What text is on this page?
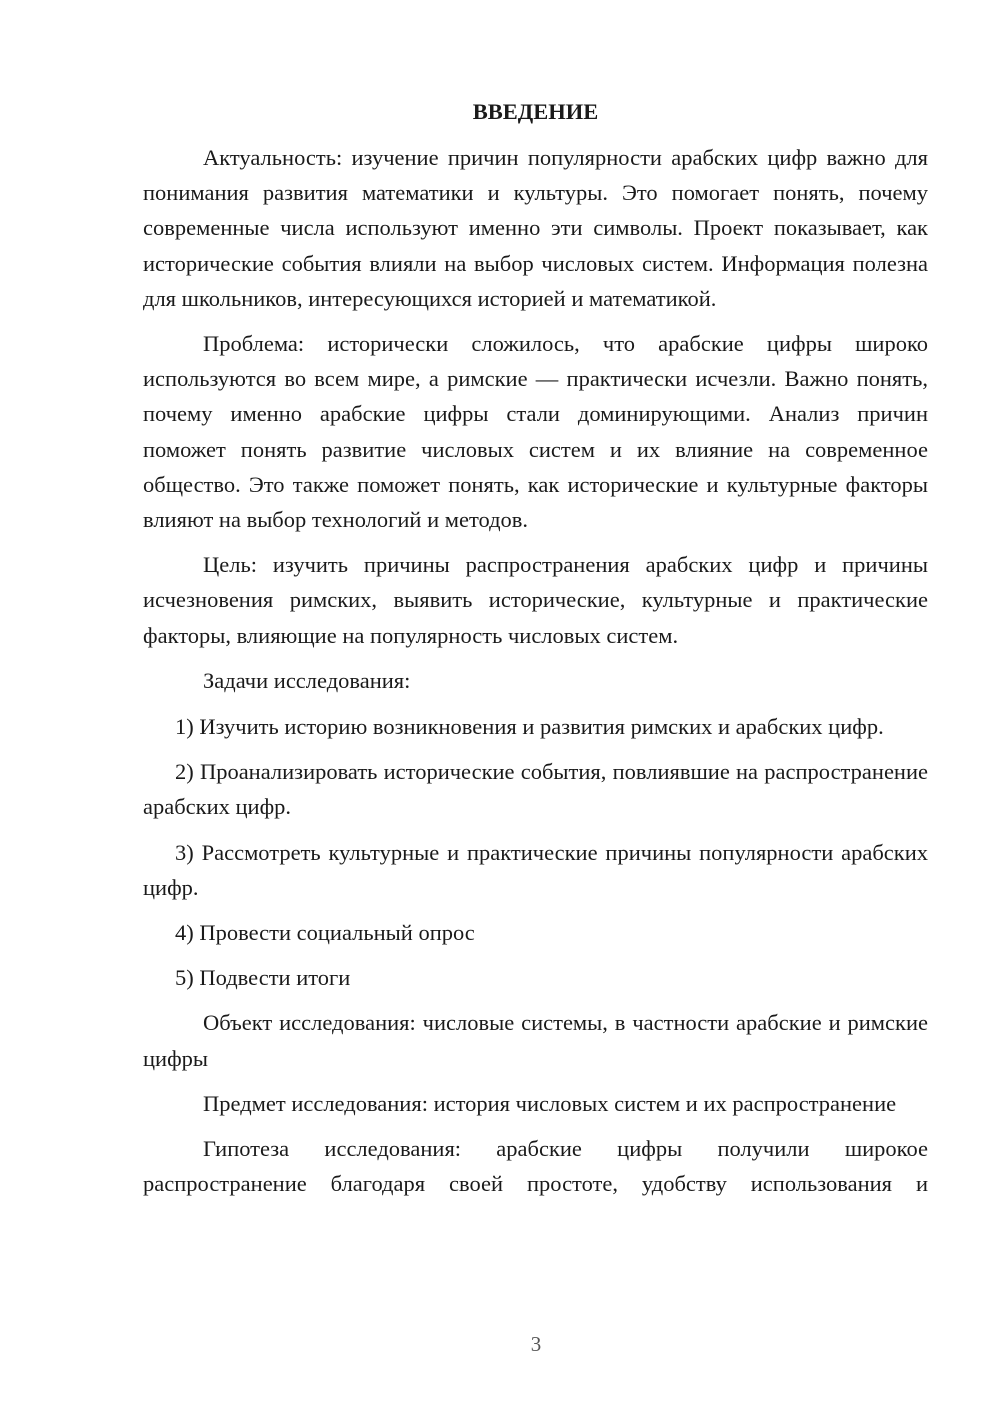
ВВЕДЕНИЕ

Актуальность: изучение причин популярности арабских цифр важно для понимания развития математики и культуры. Это помогает понять, почему современные числа используют именно эти символы. Проект показывает, как исторические события влияли на выбор числовых систем. Информация полезна для школьников, интересующихся историей и математикой.

Проблема: исторически сложилось, что арабские цифры широко используются во всем мире, а римские — практически исчезли. Важно понять, почему именно арабские цифры стали доминирующими. Анализ причин поможет понять развитие числовых систем и их влияние на современное общество. Это также поможет понять, как исторические и культурные факторы влияют на выбор технологий и методов.

Цель: изучить причины распространения арабских цифр и причины исчезновения римских, выявить исторические, культурные и практические факторы, влияющие на популярность числовых систем.

Задачи исследования:

1) Изучить историю возникновения и развития римских и арабских цифр.

2) Проанализировать исторические события, повлиявшие на распространение арабских цифр.

3) Рассмотреть культурные и практические причины популярности арабских цифр.

4) Провести социальный опрос

5) Подвести итоги

Объект исследования: числовые системы, в частности арабские и римские цифры

Предмет исследования: история числовых систем и их распространение

Гипотеза исследования: арабские цифры получили широкое распространение благодаря своей простоте, удобству использования и

3
